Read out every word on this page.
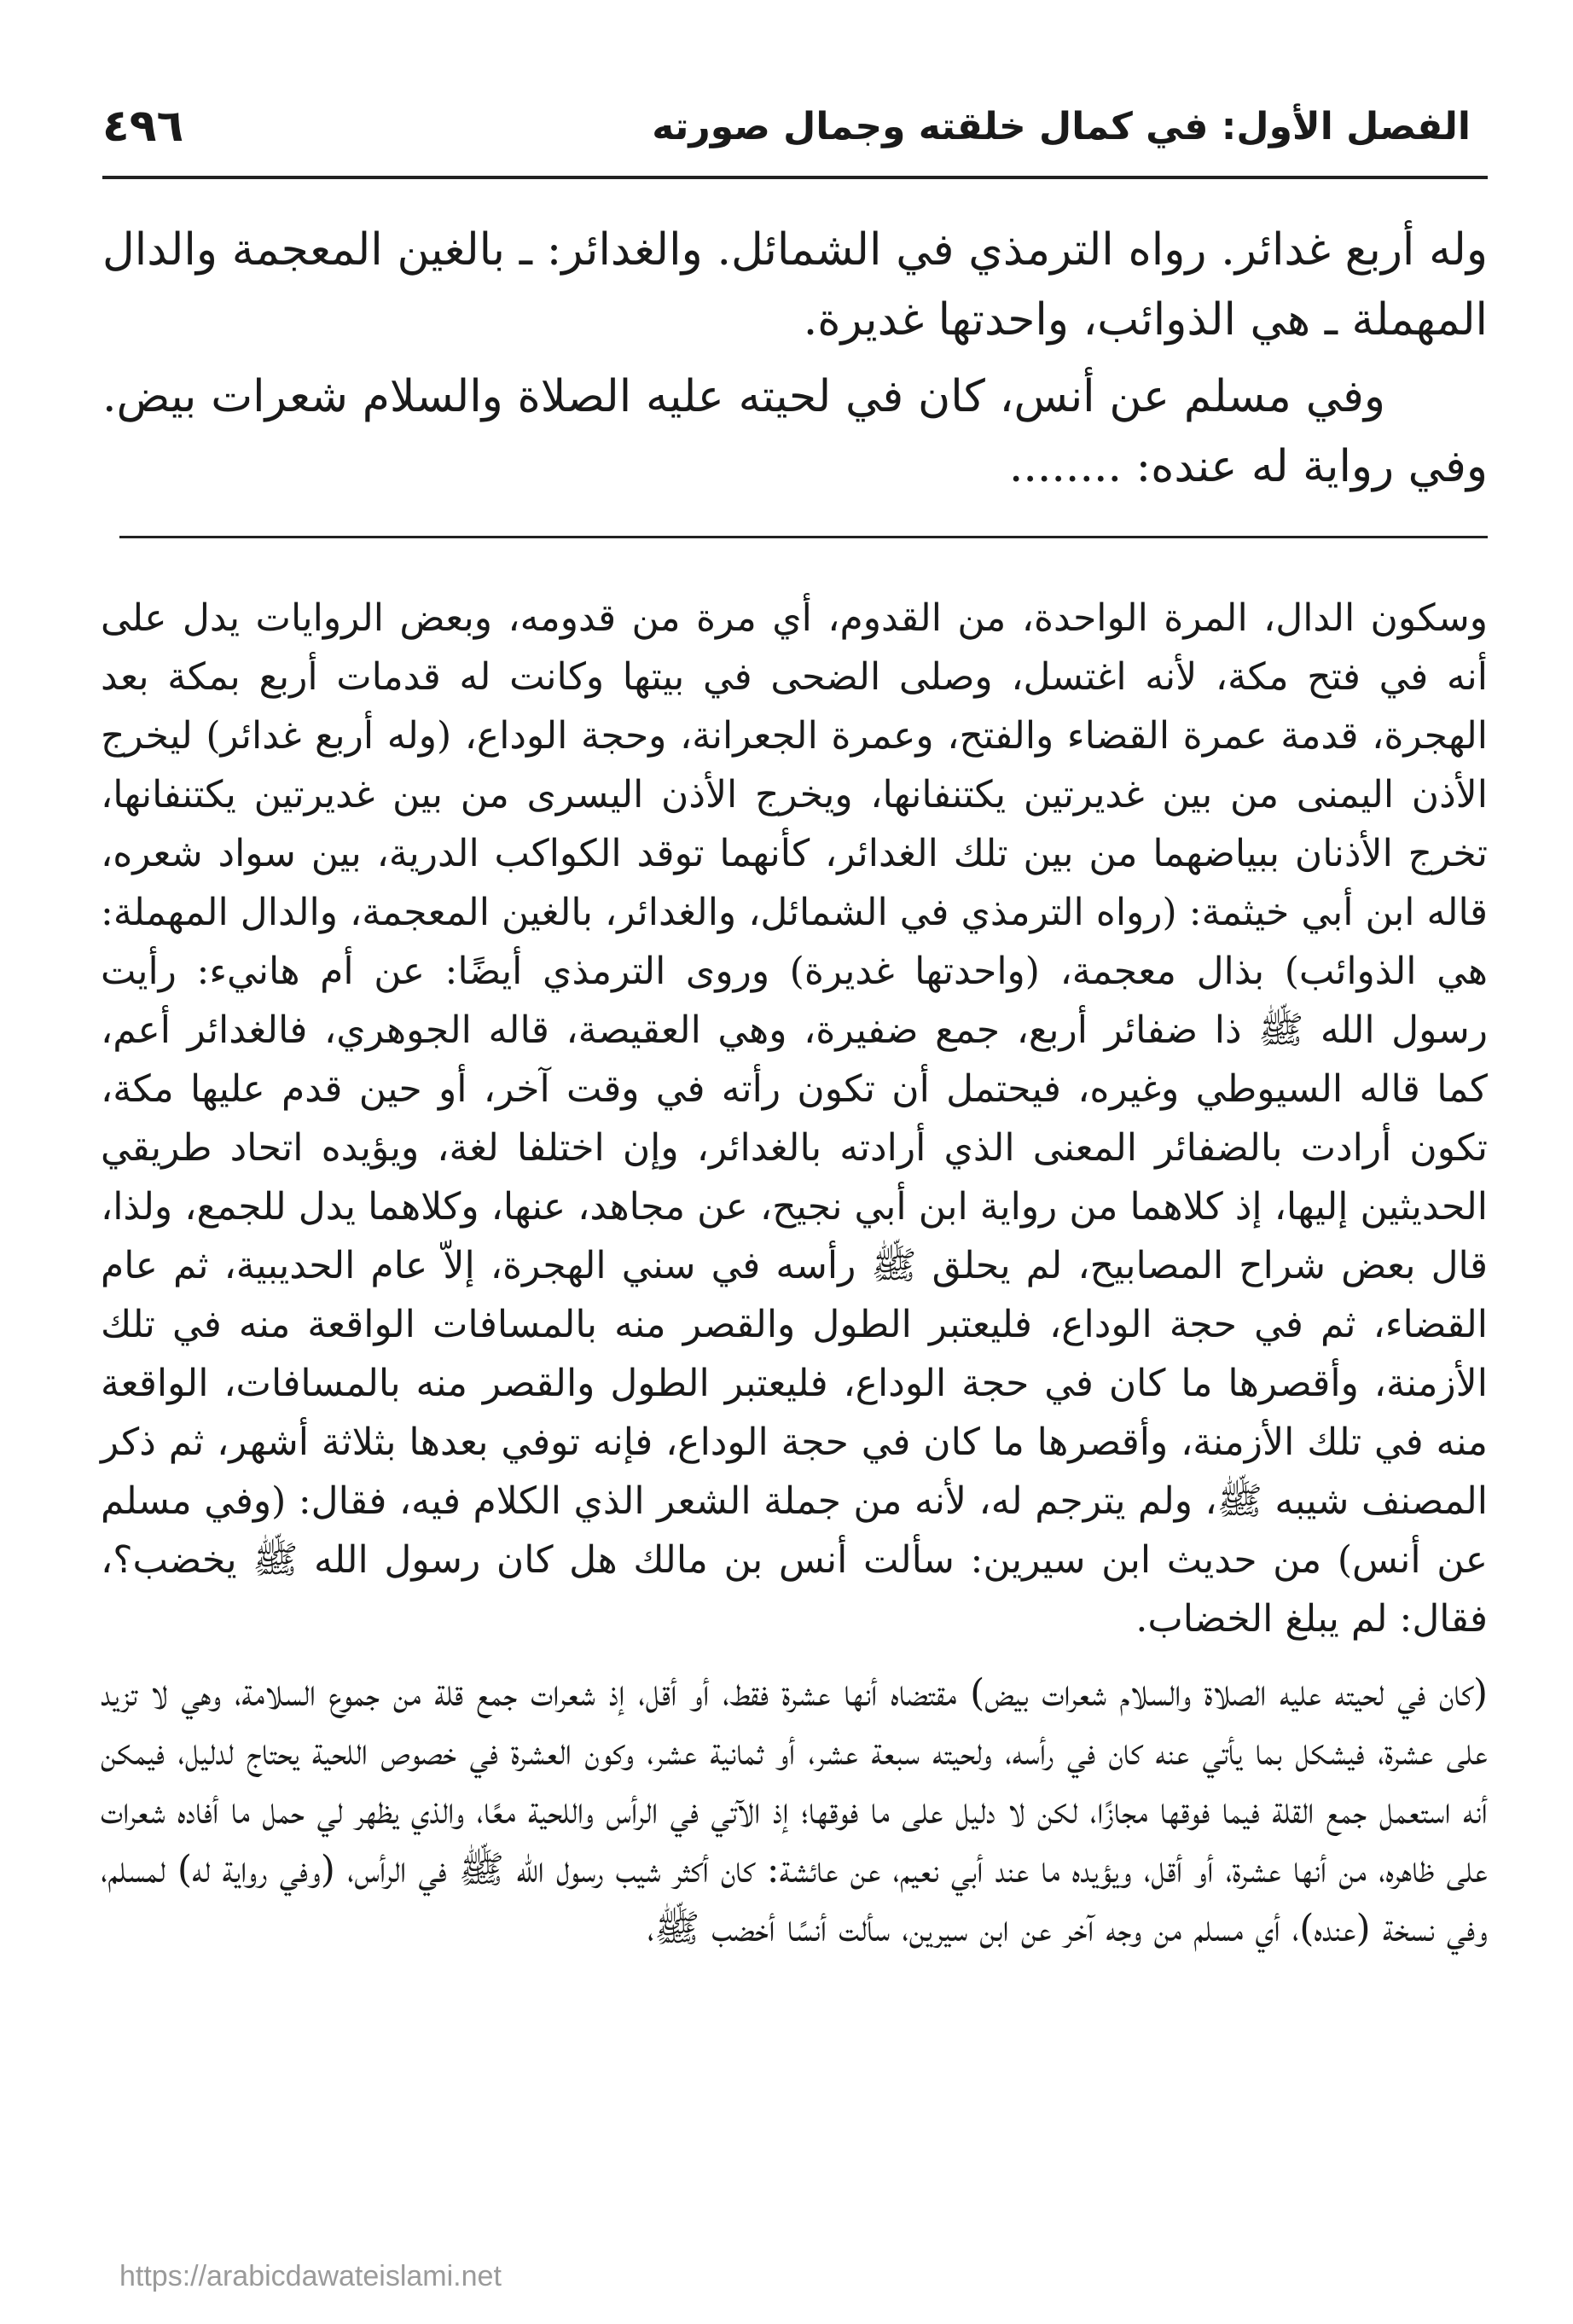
الفصل الأول: في كمال خلقته وجمال صورته
٤٩٦

وله أربع غدائر. رواه الترمذي في الشمائل. والغدائر: ـ بالغين المعجمة والدال المهملة ـ هي الذوائب، واحدتها غديرة.

وفي مسلم عن أنس، كان في لحيته عليه الصلاة والسلام شعرات بيض. وفي رواية له عنده: ........

وسكون الدال، المرة الواحدة، من القدوم، أي مرة من قدومه، وبعض الروايات يدل على أنه في فتح مكة، لأنه اغتسل، وصلى الضحى في بيتها وكانت له قدمات أربع بمكة بعد الهجرة، قدمة عمرة القضاء والفتح، وعمرة الجعرانة، وحجة الوداع، (وله أربع غدائر) ليخرج الأذن اليمنى من بين غديرتين يكتنفانها، ويخرج الأذن اليسرى من بين غديرتين يكتنفانها، تخرج الأذنان ببياضهما من بين تلك الغدائر، كأنهما توقد الكواكب الدرية، بين سواد شعره، قاله ابن أبي خيثمة: (رواه الترمذي في الشمائل، والغدائر، بالغين المعجمة، والدال المهملة: هي الذوائب) بذال معجمة، (واحدتها غديرة) وروى الترمذي أيضًا: عن أم هانيء: رأيت رسول الله ﷺ ذا ضفائر أربع، جمع ضفيرة، وهي العقيصة، قاله الجوهري، فالغدائر أعم، كما قاله السيوطي وغيره، فيحتمل أن تكون رأته في وقت آخر، أو حين قدم عليها مكة، تكون أرادت بالضفائر المعنى الذي أرادته بالغدائر، وإن اختلفا لغة، ويؤيده اتحاد طريقي الحديثين إليها، إذ كلاهما من رواية ابن أبي نجيح، عن مجاهد، عنها، وكلاهما يدل للجمع، ولذا، قال بعض شراح المصابيح، لم يحلق ﷺ رأسه في سني الهجرة، إلاّ عام الحديبية، ثم عام القضاء، ثم في حجة الوداع، فليعتبر الطول والقصر منه بالمسافات الواقعة منه في تلك الأزمنة، وأقصرها ما كان في حجة الوداع، فليعتبر الطول والقصر منه بالمسافات، الواقعة منه في تلك الأزمنة، وأقصرها ما كان في حجة الوداع، فإنه توفي بعدها بثلاثة أشهر، ثم ذكر المصنف شيبه ﷺ، ولم يترجم له، لأنه من جملة الشعر الذي الكلام فيه، فقال: (وفي مسلم عن أنس) من حديث ابن سيرين: سألت أنس بن مالك هل كان رسول الله ﷺ يخضب؟، فقال: لم يبلغ الخضاب.

(كان في لحيته عليه الصلاة والسلام شعرات بيض) مقتضاه أنها عشرة فقط، أو أقل، إذ شعرات جمع قلة من جموع السلامة، وهي لا تزيد على عشرة، فيشكل بما يأتي عنه كان في رأسه، ولحيته سبعة عشر، أو ثمانية عشر، وكون العشرة في خصوص اللحية يحتاج لدليل، فيمكن أنه استعمل جمع القلة فيما فوقها مجازًا، لكن لا دليل على ما فوقها؛ إذ الآتي في الرأس واللحية معًا، والذي يظهر لي حمل ما أفاده شعرات على ظاهره، من أنها عشرة، أو أقل، ويؤيده ما عند أبي نعيم، عن عائشة: كان أكثر شيب رسول الله ﷺ في الرأس، (وفي رواية له) لمسلم، وفي نسخة (عنده)، أي مسلم من وجه آخر عن ابن سيرين، سألت أنسًا أخضب ﷺ،

https://arabicdawateislami.net
